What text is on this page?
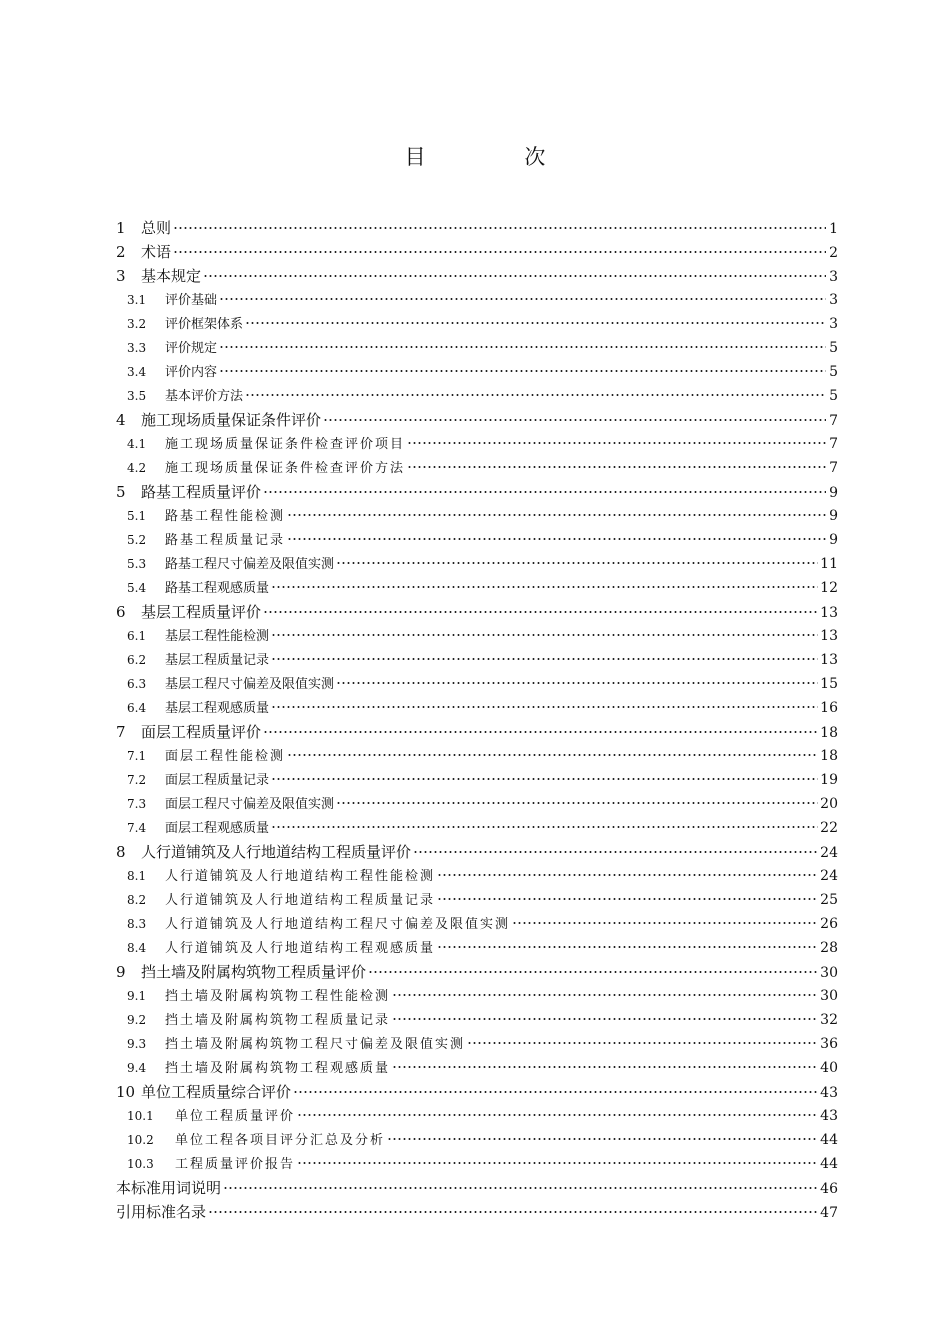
目 次
1	总则	1
2	术语	2
3	基本规定	3
3.1	评价基础	3
3.2	评价框架体系	3
3.3	评价规定	5
3.4	评价内容	5
3.5	基本评价方法	5
4	施工现场质量保证条件评价	7
4.1	施工现场质量保证条件检查评价项目	7
4.2	施工现场质量保证条件检查评价方法	7
5	路基工程质量评价	9
5.1	路基工程性能检测	9
5.2	路基工程质量记录	9
5.3	路基工程尺寸偏差及限值实测	11
5.4	路基工程观感质量	12
6	基层工程质量评价	13
6.1	基层工程性能检测	13
6.2	基层工程质量记录	13
6.3	基层工程尺寸偏差及限值实测	15
6.4	基层工程观感质量	16
7	面层工程质量评价	18
7.1	面层工程性能检测	18
7.2	面层工程质量记录	19
7.3	面层工程尺寸偏差及限值实测	20
7.4	面层工程观感质量	22
8	人行道铺筑及人行地道结构工程质量评价	24
8.1	人行道铺筑及人行地道结构工程性能检测	24
8.2	人行道铺筑及人行地道结构工程质量记录	25
8.3	人行道铺筑及人行地道结构工程尺寸偏差及限值实测	26
8.4	人行道铺筑及人行地道结构工程观感质量	28
9	挡土墙及附属构筑物工程质量评价	30
9.1	挡土墙及附属构筑物工程性能检测	30
9.2	挡土墙及附属构筑物工程质量记录	32
9.3	挡土墙及附属构筑物工程尺寸偏差及限值实测	36
9.4	挡土墙及附属构筑物工程观感质量	40
10 单位工程质量综合评价	43
10.1	单位工程质量评价	43
10.2	单位工程各项目评分汇总及分析	44
10.3	工程质量评价报告	44
本标准用词说明	46
引用标准名录	47
